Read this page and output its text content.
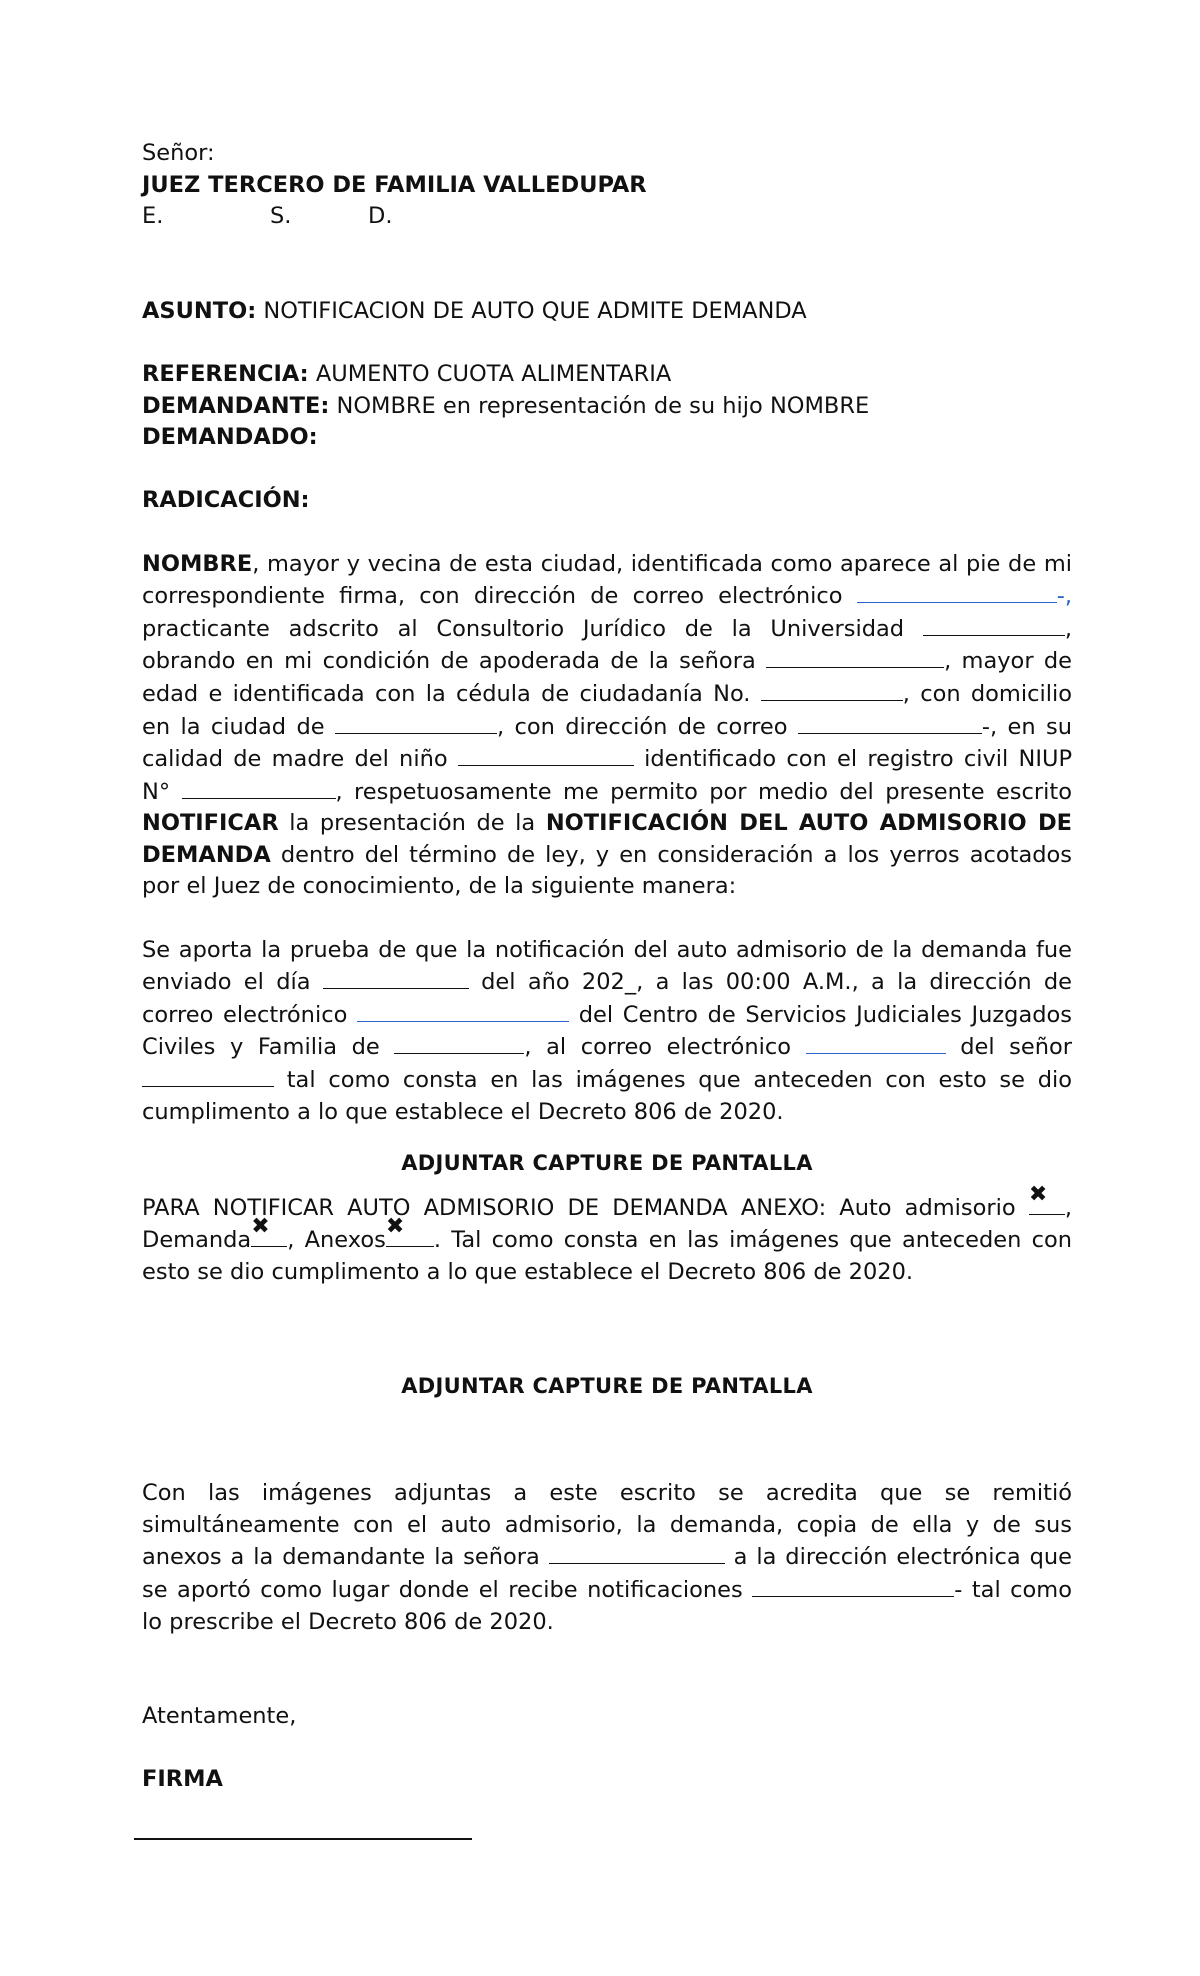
Señor:

JUEZ TERCERO DE FAMILIA VALLEDUPAR

E.	S.	D.

ASUNTO: NOTIFICACION DE AUTO QUE ADMITE DEMANDA

REFERENCIA: AUMENTO CUOTA ALIMENTARIA

DEMANDANTE: NOMBRE en representación de su hijo NOMBRE

DEMANDADO:

RADICACIÓN:

NOMBRE, mayor y vecina de esta ciudad, identificada como aparece al pie de mi correspondiente firma, con dirección de correo electrónico	-, practicante adscrito al Consultorio Jurídico de la Universidad	, obrando en mi condición de apoderada de la señora	, mayor de edad e identificada con la cédula de ciudadanía No.	, con domicilio en la ciudad de	, con dirección de correo	-, en su calidad de madre del niño	identificado con el registro civil NIUP N°	, respetuosamente me permito por medio del presente escrito NOTIFICAR la presentación de la NOTIFICACIÓN DEL AUTO ADMISORIO DE DEMANDA dentro del término de ley, y en consideración a los yerros acotados por el Juez de conocimiento, de la siguiente manera:

Se aporta la prueba de que la notificación del auto admisorio de la demanda fue enviado el día	del año 202_, a las 00:00 A.M., a la dirección de correo electrónico	del Centro de Servicios Judiciales Juzgados Civiles y Familia de	, al correo electrónico	del señor  tal como consta en las imágenes que anteceden con esto se dio cumplimento a lo que establece el Decreto 806 de 2020.

ADJUNTAR CAPTURE DE PANTALLA

PARA NOTIFICAR AUTO ADMISORIO DE DEMANDA ANEXO: Auto admisorio
✖
, Demanda
✖
, Anexos
✖
. Tal como consta en las imágenes que anteceden con esto se dio cumplimento a lo que establece el Decreto 806 de 2020.

ADJUNTAR CAPTURE DE PANTALLA

Con las imágenes adjuntas a este escrito se acredita que se remitió simultáneamente con el auto admisorio, la demanda, copia de ella y de sus anexos a la demandante la señora	a la dirección electrónica que se aportó como lugar donde el recibe notificaciones	- tal como lo prescribe el Decreto 806 de 2020.

Atentamente,

FIRMA
